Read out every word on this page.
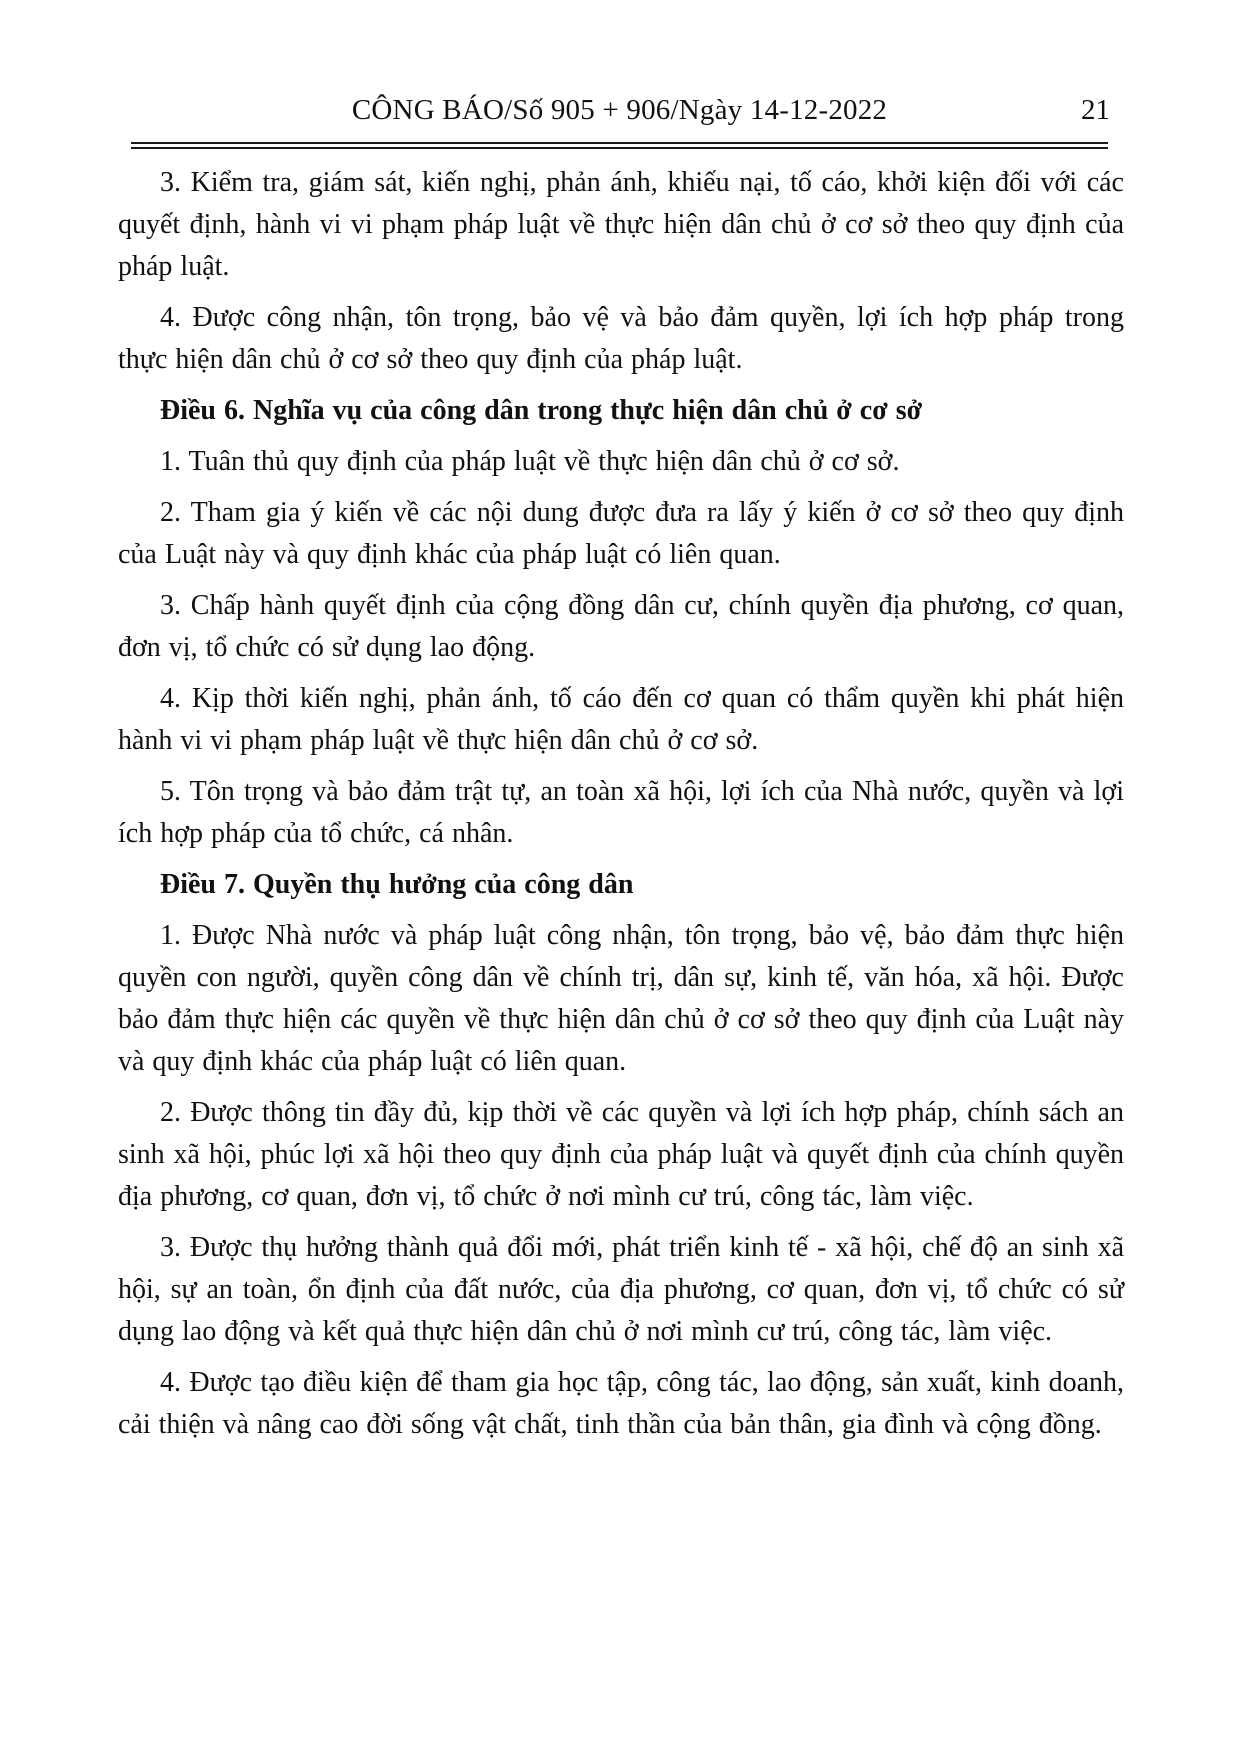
CÔNG BÁO/Số 905 + 906/Ngày 14-12-2022	21

3. Kiểm tra, giám sát, kiến nghị, phản ánh, khiếu nại, tố cáo, khởi kiện đối với các quyết định, hành vi vi phạm pháp luật về thực hiện dân chủ ở cơ sở theo quy định của pháp luật.

4. Được công nhận, tôn trọng, bảo vệ và bảo đảm quyền, lợi ích hợp pháp trong thực hiện dân chủ ở cơ sở theo quy định của pháp luật.

Điều 6. Nghĩa vụ của công dân trong thực hiện dân chủ ở cơ sở

1. Tuân thủ quy định của pháp luật về thực hiện dân chủ ở cơ sở.

2. Tham gia ý kiến về các nội dung được đưa ra lấy ý kiến ở cơ sở theo quy định của Luật này và quy định khác của pháp luật có liên quan.

3. Chấp hành quyết định của cộng đồng dân cư, chính quyền địa phương, cơ quan, đơn vị, tổ chức có sử dụng lao động.

4. Kịp thời kiến nghị, phản ánh, tố cáo đến cơ quan có thẩm quyền khi phát hiện hành vi vi phạm pháp luật về thực hiện dân chủ ở cơ sở.

5. Tôn trọng và bảo đảm trật tự, an toàn xã hội, lợi ích của Nhà nước, quyền và lợi ích hợp pháp của tổ chức, cá nhân.

Điều 7. Quyền thụ hưởng của công dân

1. Được Nhà nước và pháp luật công nhận, tôn trọng, bảo vệ, bảo đảm thực hiện quyền con người, quyền công dân về chính trị, dân sự, kinh tế, văn hóa, xã hội. Được bảo đảm thực hiện các quyền về thực hiện dân chủ ở cơ sở theo quy định của Luật này và quy định khác của pháp luật có liên quan.

2. Được thông tin đầy đủ, kịp thời về các quyền và lợi ích hợp pháp, chính sách an sinh xã hội, phúc lợi xã hội theo quy định của pháp luật và quyết định của chính quyền địa phương, cơ quan, đơn vị, tổ chức ở nơi mình cư trú, công tác, làm việc.

3. Được thụ hưởng thành quả đổi mới, phát triển kinh tế - xã hội, chế độ an sinh xã hội, sự an toàn, ổn định của đất nước, của địa phương, cơ quan, đơn vị, tổ chức có sử dụng lao động và kết quả thực hiện dân chủ ở nơi mình cư trú, công tác, làm việc.

4. Được tạo điều kiện để tham gia học tập, công tác, lao động, sản xuất, kinh doanh, cải thiện và nâng cao đời sống vật chất, tinh thần của bản thân, gia đình và cộng đồng.
